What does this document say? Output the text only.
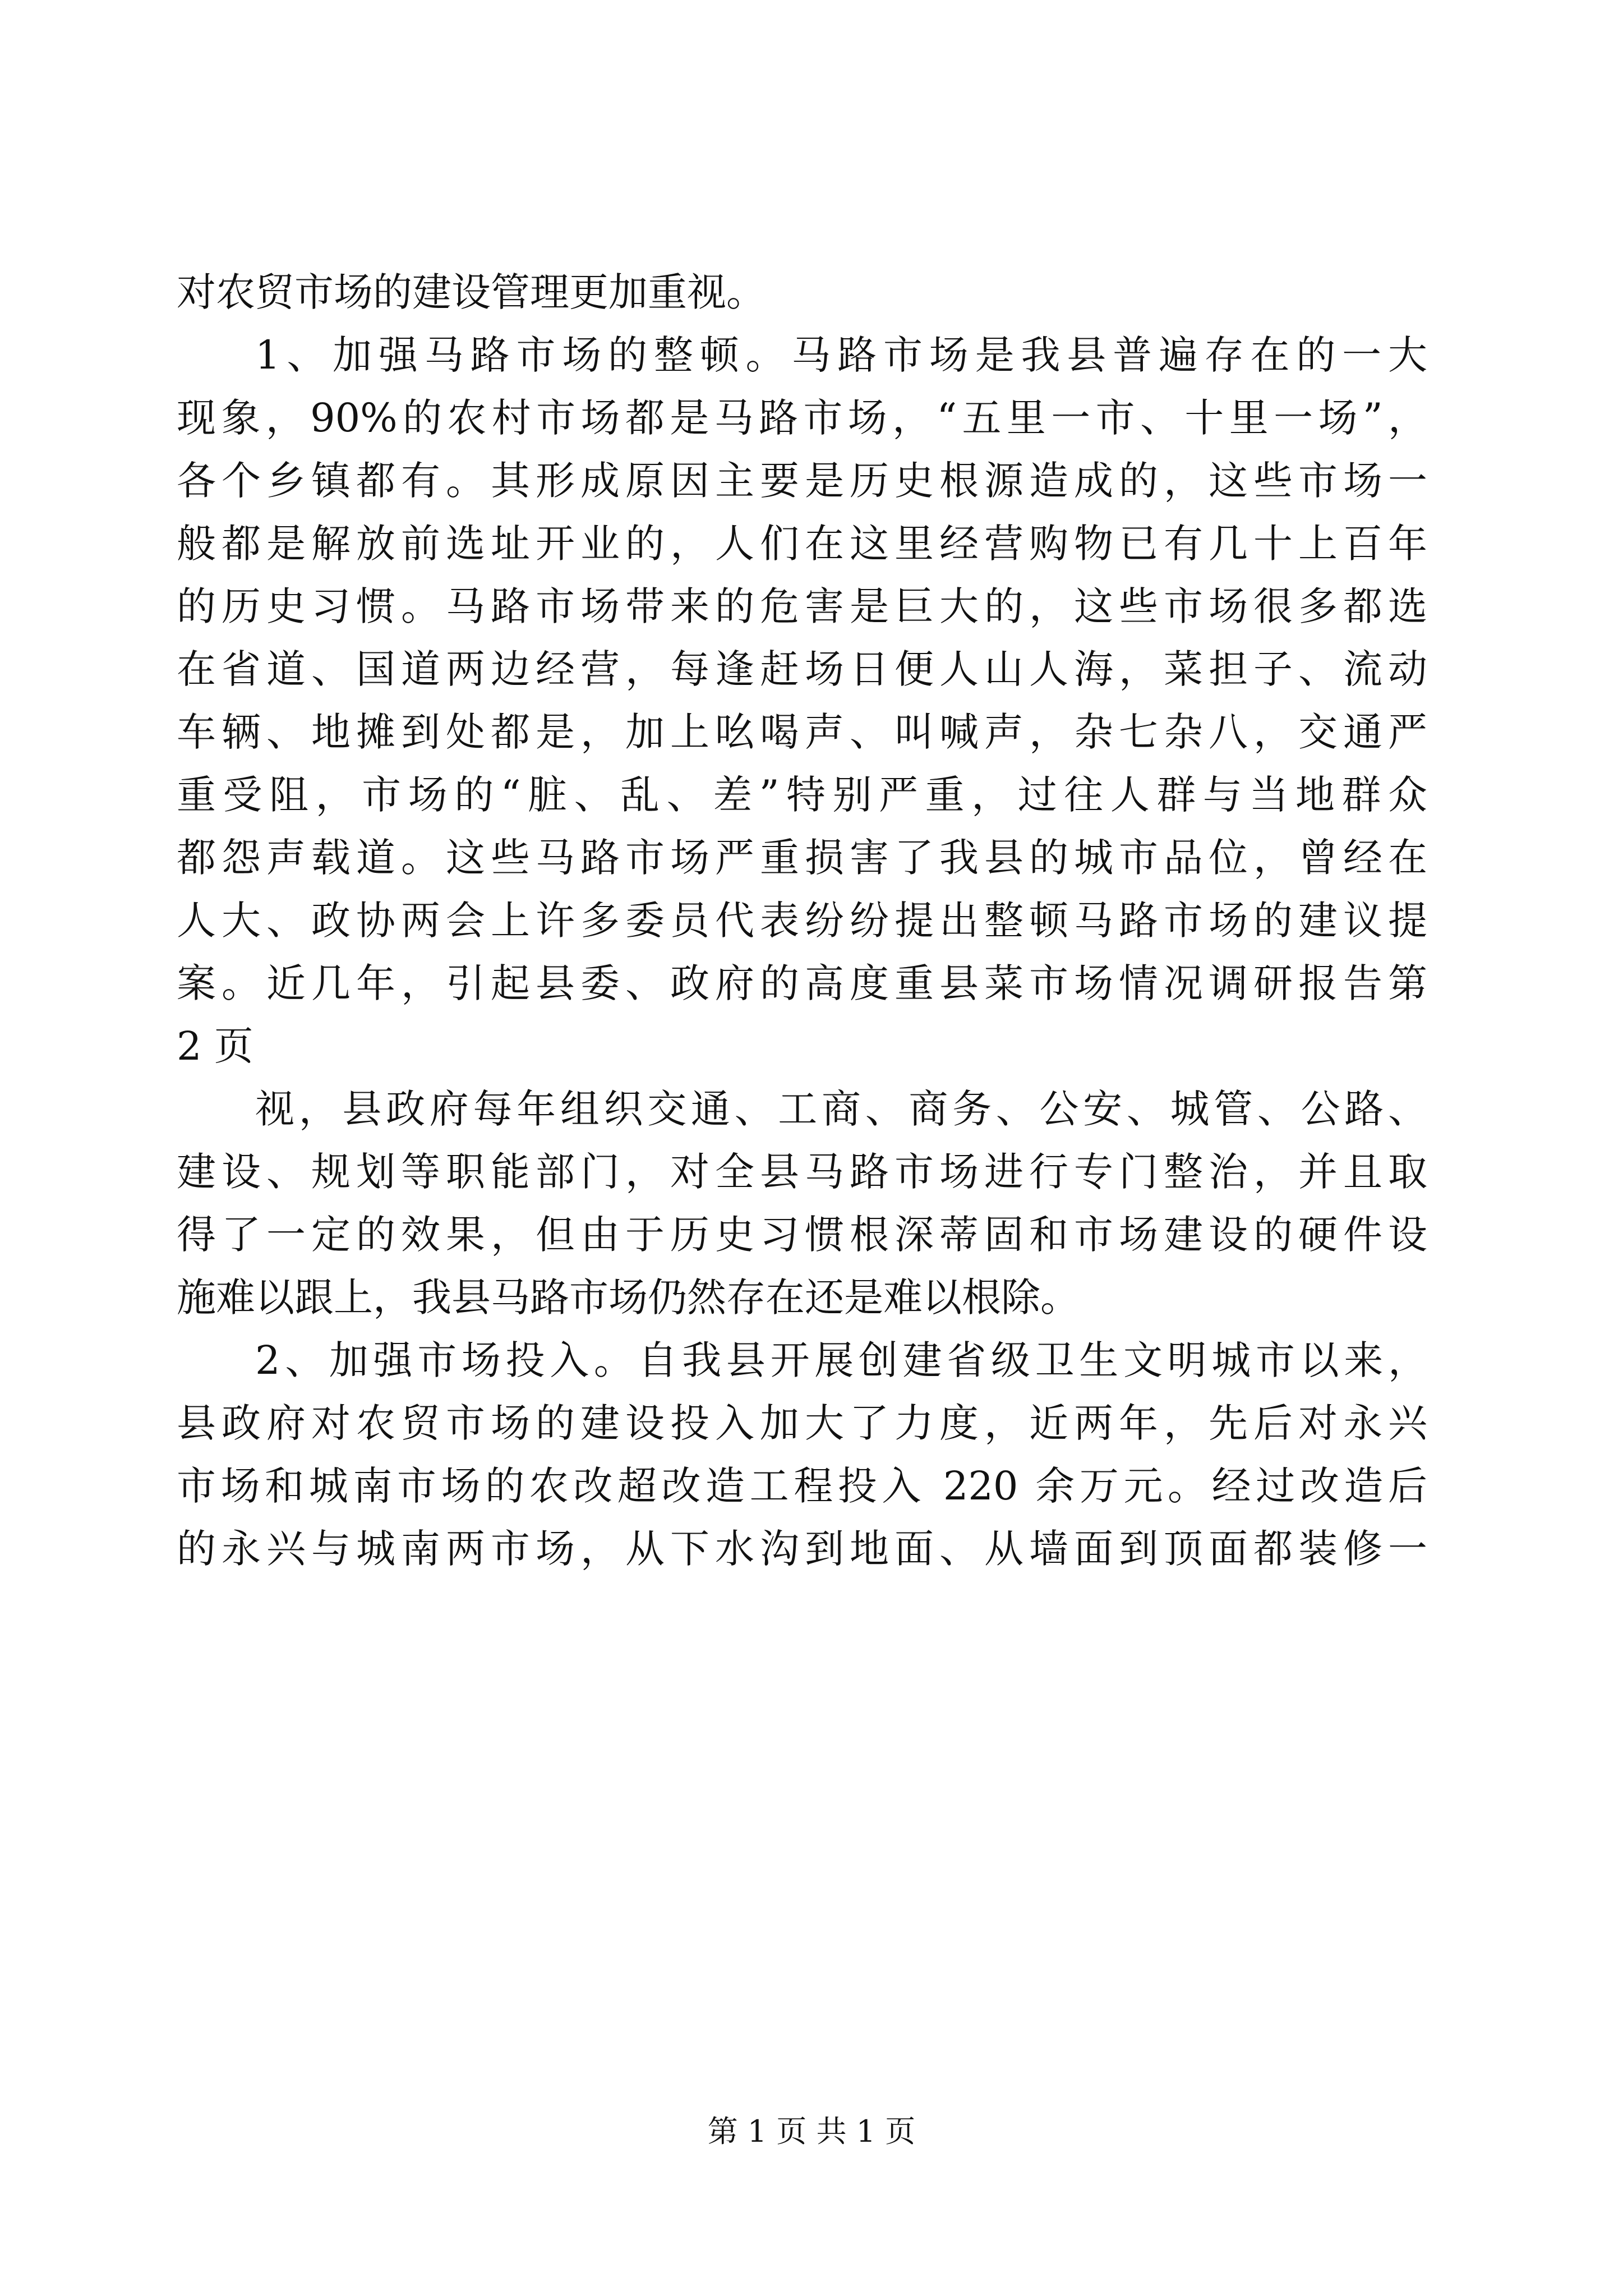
对农贸市场的建设管理更加重视。
1、加强马路市场的整顿。马路市场是我县普遍存在的一大
现象，90%的农村市场都是马路市场，“五里一市、十里一场”，
各个乡镇都有。其形成原因主要是历史根源造成的，这些市场一
般都是解放前选址开业的，人们在这里经营购物已有几十上百年
的历史习惯。马路市场带来的危害是巨大的，这些市场很多都选
在省道、国道两边经营，每逢赶场日便人山人海，菜担子、流动
车辆、地摊到处都是，加上吆喝声、叫喊声，杂七杂八，交通严
重受阻，市场的“脏、乱、差”特别严重，过往人群与当地群众
都怨声载道。这些马路市场严重损害了我县的城市品位，曾经在
人大、政协两会上许多委员代表纷纷提出整顿马路市场的建议提
案。近几年，引起县委、政府的高度重县菜市场情况调研报告第
2 页
视，县政府每年组织交通、工商、商务、公安、城管、公路、
建设、规划等职能部门，对全县马路市场进行专门整治，并且取
得了一定的效果，但由于历史习惯根深蒂固和市场建设的硬件设
施难以跟上，我县马路市场仍然存在还是难以根除。
2、加强市场投入。自我县开展创建省级卫生文明城市以来，
县政府对农贸市场的建设投入加大了力度，近两年，先后对永兴
市场和城南市场的农改超改造工程投入 220 余万元。经过改造后
的永兴与城南两市场，从下水沟到地面、从墙面到顶面都装修一
第 1 页 共 1 页
